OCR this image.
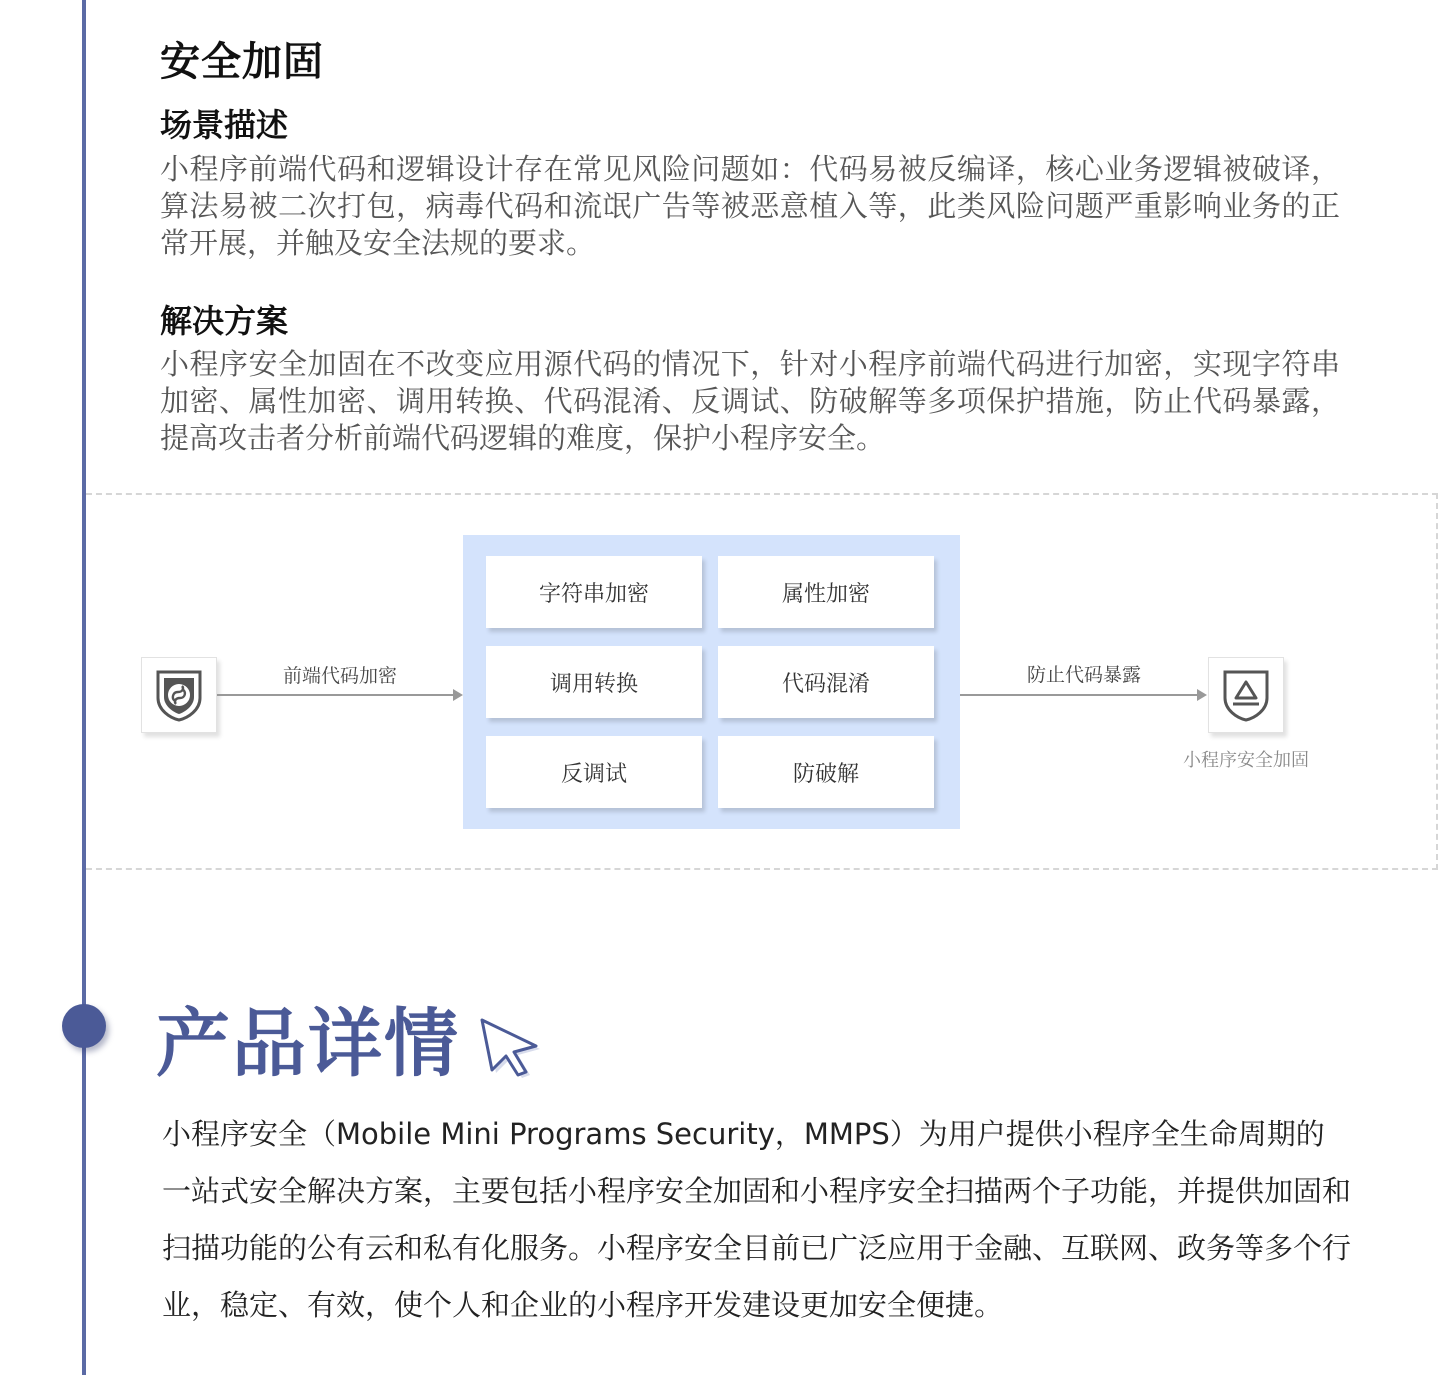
安全加固
场景描述

小程序前端代码和逻辑设计存在常见风险问题如：代码易被反编译，核心业务逻辑被破译，算法易被二次打包，病毒代码和流氓广告等被恶意植入等，此类风险问题严重影响业务的正常开展，并触及安全法规的要求。

解决方案

小程序安全加固在不改变应用源代码的情况下，针对小程序前端代码进行加密，实现字符串加密、属性加密、调用转换、代码混淆、反调试、防破解等多项保护措施，防止代码暴露，提高攻击者分析前端代码逻辑的难度，保护小程序安全。

前端代码加密
字符串加密	属性加密
调用转换	代码混淆
反调试	防破解
防止代码暴露
小程序安全加固
产品详情

小程序安全（Mobile Mini Programs Security，MMPS）为用户提供小程序全生命周期的一站式安全解决方案，主要包括小程序安全加固和小程序安全扫描两个子功能，并提供加固和扫描功能的公有云和私有化服务。小程序安全目前已广泛应用于金融、互联网、政务等多个行业，稳定、有效，使个人和企业的小程序开发建设更加安全便捷。
